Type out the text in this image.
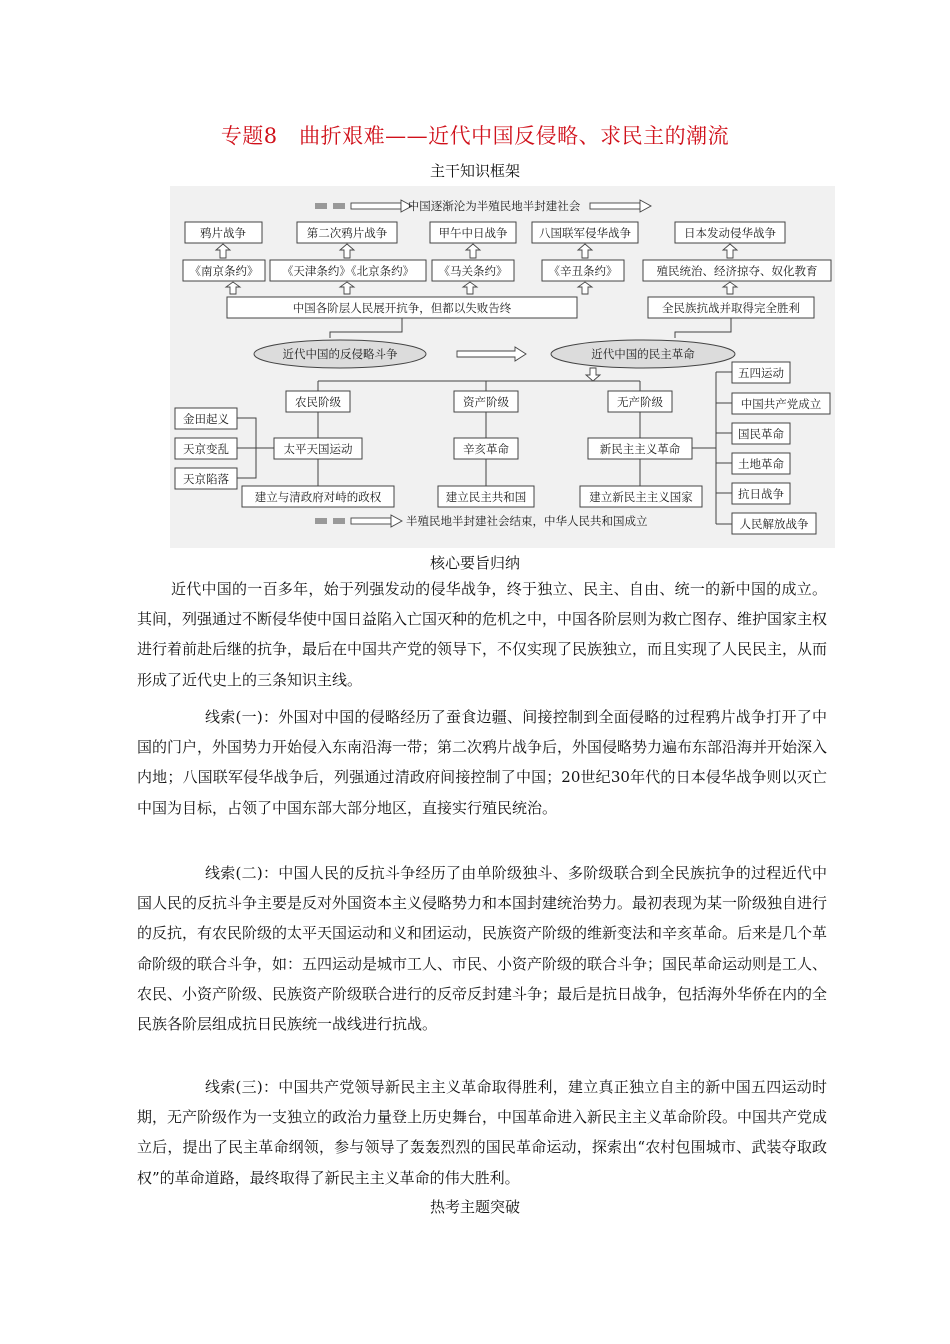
专题8　曲折艰难——近代中国反侵略、求民主的潮流
主干知识框架
中国逐渐沦为半殖民地半封建社会
鸦片战争	第二次鸦片战争	甲午中日战争	八国联军侵华战争	日本发动侵华战争
《南京条约》 《天津条约》《北京条约》 《马关条约》	《辛丑条约》	殖民统治、经济掠夺、奴化教育
中国各阶层人民展开抗争，但都以失败告终	全民族抗战并取得完全胜利
近代中国的反侵略斗争	近代中国的民主革命
农民阶级	资产阶级	无产阶级
太平天国运动	辛亥革命	新民主主义革命
金田起义
天京变乱
天京陷落
建立与清政府对峙的政权	建立民主共和国	建立新民主主义国家
五四运动
中国共产党成立
国民革命
土地革命
抗日战争
人民解放战争
半殖民地半封建社会结束，中华人民共和国成立
核心要旨归纳

近代中国的一百多年，始于列强发动的侵华战争，终于独立、民主、自由、统一的新中国的成立。其间，列强通过不断侵华使中国日益陷入亡国灭种的危机之中，中国各阶层则为救亡图存、维护国家主权进行着前赴后继的抗争，最后在中国共产党的领导下，不仅实现了民族独立，而且实现了人民民主，从而形成了近代史上的三条知识主线。

线索(一)：外国对中国的侵略经历了蚕食边疆、间接控制到全面侵略的过程鸦片战争打开了中国的门户，外国势力开始侵入东南沿海一带；第二次鸦片战争后，外国侵略势力遍布东部沿海并开始深入内地；八国联军侵华战争后，列强通过清政府间接控制了中国；20世纪30年代的日本侵华战争则以灭亡中国为目标，占领了中国东部大部分地区，直接实行殖民统治。

线索(二)：中国人民的反抗斗争经历了由单阶级独斗、多阶级联合到全民族抗争的过程近代中国人民的反抗斗争主要是反对外国资本主义侵略势力和本国封建统治势力。最初表现为某一阶级独自进行的反抗，有农民阶级的太平天国运动和义和团运动，民族资产阶级的维新变法和辛亥革命。后来是几个革命阶级的联合斗争，如：五四运动是城市工人、市民、小资产阶级的联合斗争；国民革命运动则是工人、农民、小资产阶级、民族资产阶级联合进行的反帝反封建斗争；最后是抗日战争，包括海外华侨在内的全民族各阶层组成抗日民族统一战线进行抗战。

线索(三)：中国共产党领导新民主主义革命取得胜利，建立真正独立自主的新中国五四运动时期，无产阶级作为一支独立的政治力量登上历史舞台，中国革命进入新民主主义革命阶段。中国共产党成立后，提出了民主革命纲领，参与领导了轰轰烈烈的国民革命运动，探索出“农村包围城市、武装夺取政权”的革命道路，最终取得了新民主主义革命的伟大胜利。

热考主题突破
